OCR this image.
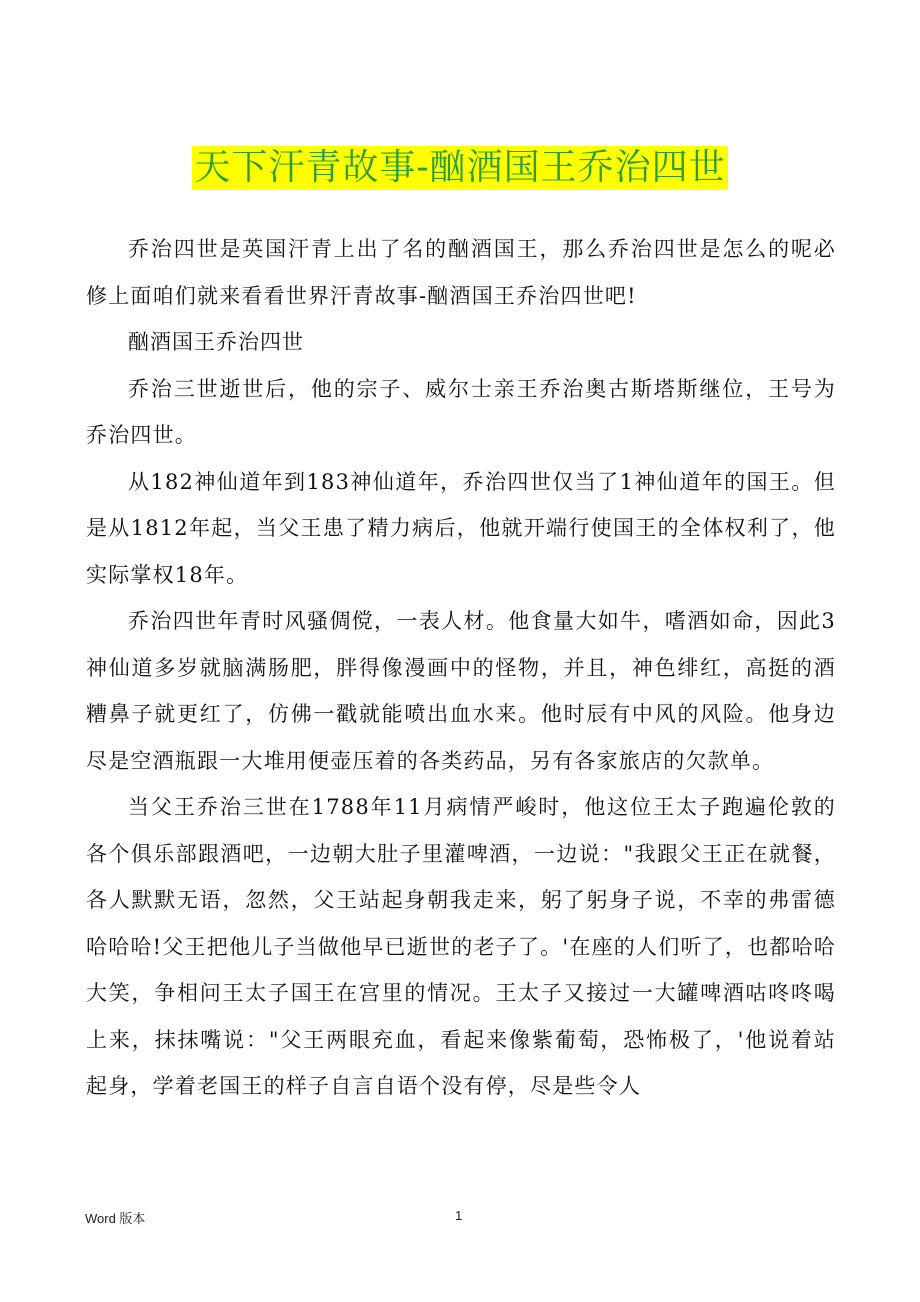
天下汗青故事-酗酒国王乔治四世

乔治四世是英国汗青上出了名的酗酒国王，那么乔治四世是怎么的呢必修上面咱们就来看看世界汗青故事-酗酒国王乔治四世吧!

酗酒国王乔治四世

乔治三世逝世后，他的宗子、威尔士亲王乔治奥古斯塔斯继位，王号为乔治四世。

从182神仙道年到183神仙道年，乔治四世仅当了1神仙道年的国王。但是从1812年起，当父王患了精力病后，他就开端行使国王的全体权利了，他实际掌权18年。

乔治四世年青时风骚倜傥，一表人材。他食量大如牛，嗜酒如命，因此3神仙道多岁就脑满肠肥，胖得像漫画中的怪物，并且，神色绯红，高挺的酒糟鼻子就更红了，仿佛一戳就能喷出血水来。他时辰有中风的风险。他身边尽是空酒瓶跟一大堆用便壶压着的各类药品，另有各家旅店的欠款单。

当父王乔治三世在1788年11月病情严峻时，他这位王太子跑遍伦敦的各个俱乐部跟酒吧，一边朝大肚子里灌啤酒，一边说："我跟父王正在就餐，各人默默无语，忽然，父王站起身朝我走来，躬了躬身子说，不幸的弗雷德哈哈哈!父王把他儿子当做他早已逝世的老子了。'在座的人们听了，也都哈哈大笑，争相问王太子国王在宫里的情况。王太子又接过一大罐啤酒咕咚咚喝上来，抹抹嘴说："父王两眼充血，看起来像紫葡萄，恐怖极了，'他说着站起身，学着老国王的样子自言自语个没有停，尽是些令人

Word 版本	1
